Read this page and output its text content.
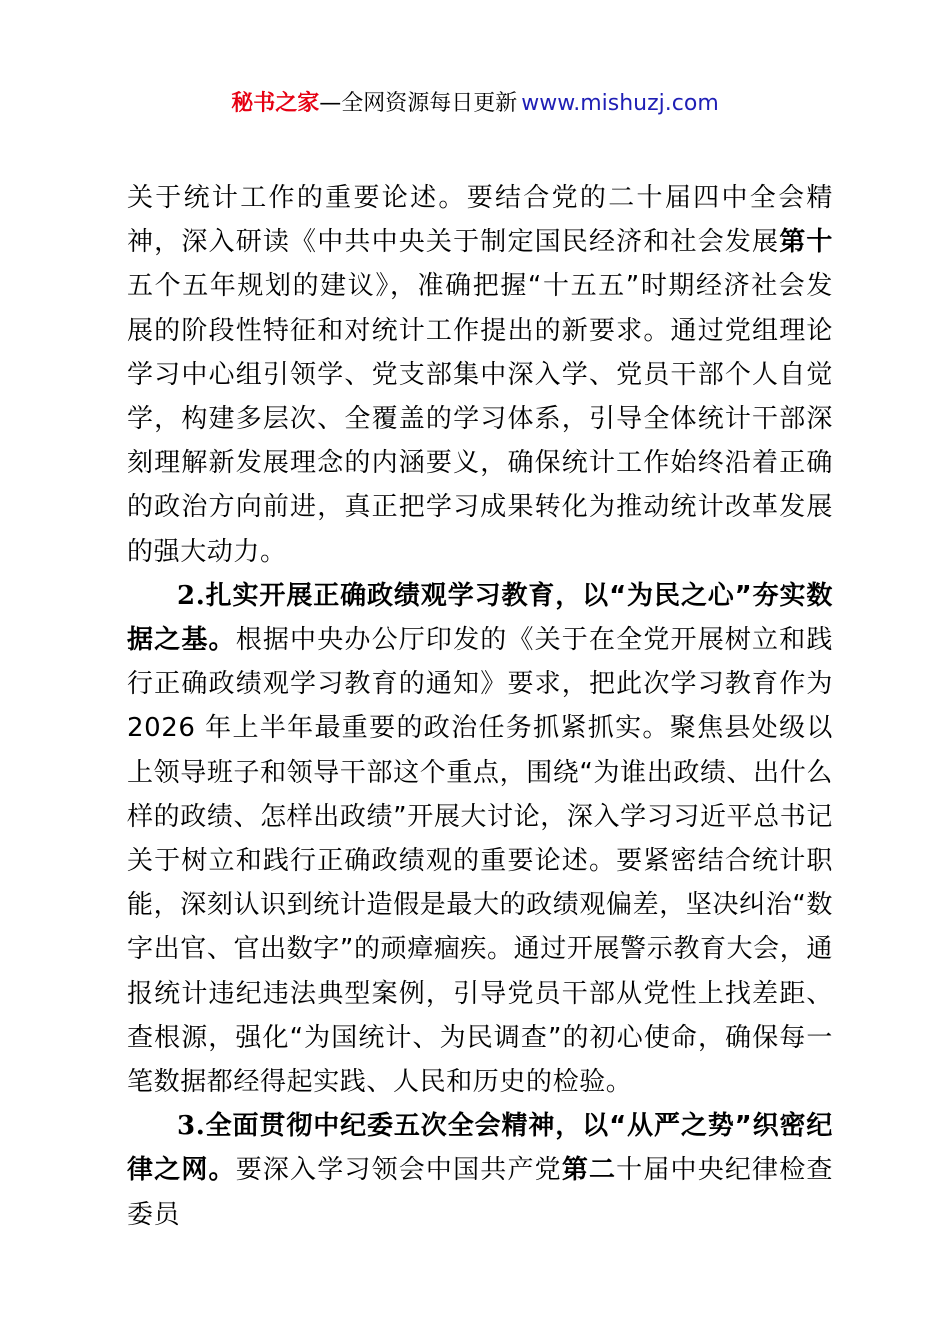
秘书之家—全网资源每日更新 www.mishuzj.com

关于统计工作的重要论述。要结合党的二十届四中全会精神，深入研读《中共中央关于制定国民经济和社会发展第十五个五年规划的建议》，准确把握“十五五”时期经济社会发展的阶段性特征和对统计工作提出的新要求。通过党组理论学习中心组引领学、党支部集中深入学、党员干部个人自觉学，构建多层次、全覆盖的学习体系，引导全体统计干部深刻理解新发展理念的内涵要义，确保统计工作始终沿着正确的政治方向前进，真正把学习成果转化为推动统计改革发展的强大动力。

2.扎实开展正确政绩观学习教育，以“为民之心”夯实数据之基。根据中央办公厅印发的《关于在全党开展树立和践行正确政绩观学习教育的通知》要求，把此次学习教育作为 2026 年上半年最重要的政治任务抓紧抓实。聚焦县处级以上领导班子和领导干部这个重点，围绕“为谁出政绩、出什么样的政绩、怎样出政绩”开展大讨论，深入学习习近平总书记关于树立和践行正确政绩观的重要论述。要紧密结合统计职能，深刻认识到统计造假是最大的政绩观偏差，坚决纠治“数字出官、官出数字”的顽瘴痼疾。通过开展警示教育大会，通报统计违纪违法典型案例，引导党员干部从党性上找差距、查根源，强化“为国统计、为民调查”的初心使命，确保每一笔数据都经得起实践、人民和历史的检验。

3.全面贯彻中纪委五次全会精神，以“从严之势”织密纪律之网。要深入学习领会中国共产党第二十届中央纪律检查委员
